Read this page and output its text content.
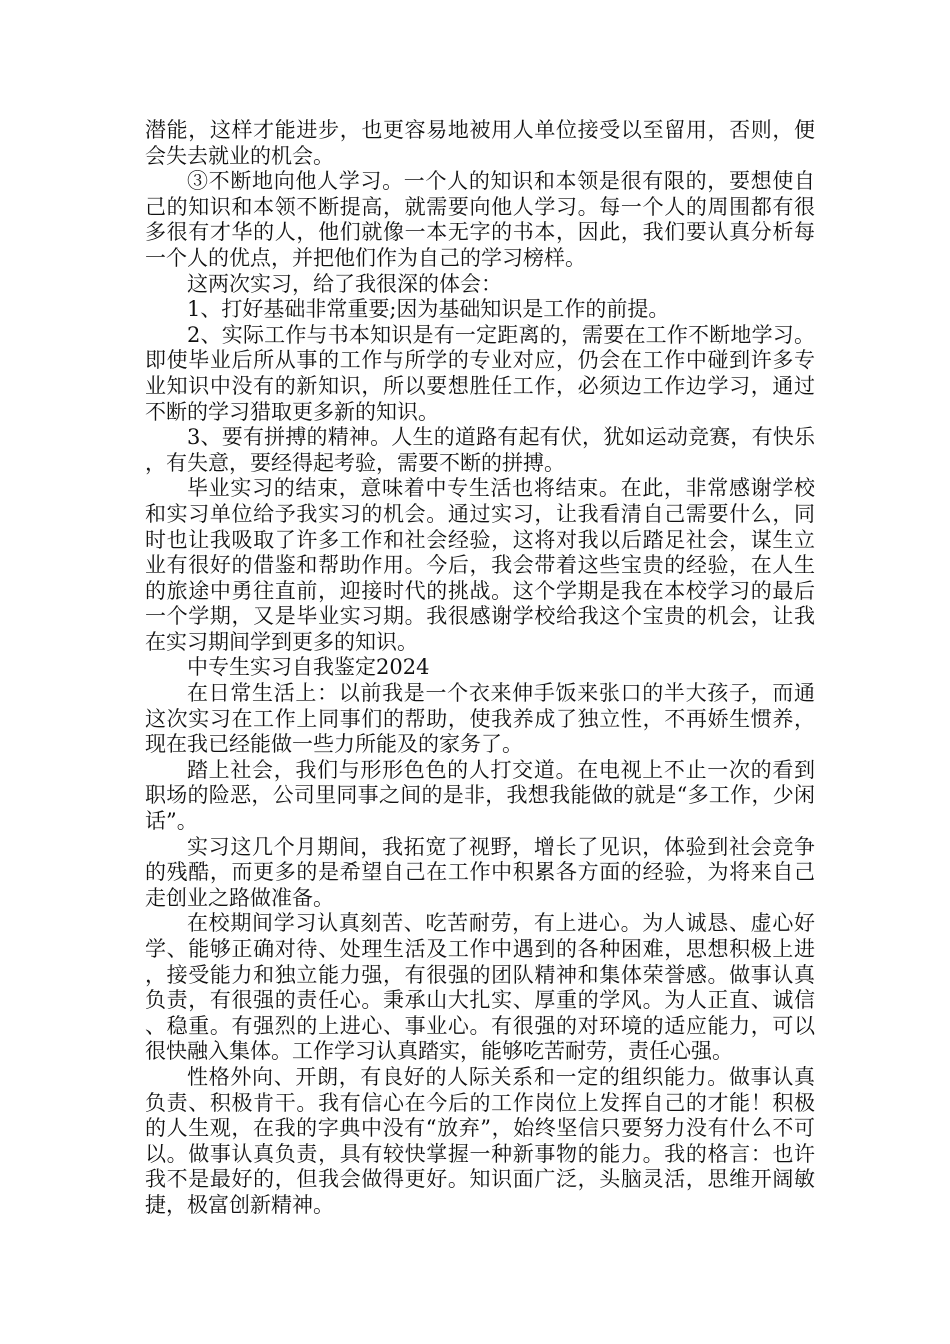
潜能，这样才能进步，也更容易地被用人单位接受以至留用，否则，便会失去就业的机会。

③不断地向他人学习。一个人的知识和本领是很有限的，要想使自己的知识和本领不断提高，就需要向他人学习。每一个人的周围都有很多很有才华的人，他们就像一本无字的书本，因此，我们要认真分析每一个人的优点，并把他们作为自己的学习榜样。

这两次实习，给了我很深的体会：

1、打好基础非常重要;因为基础知识是工作的前提。

2、实际工作与书本知识是有一定距离的，需要在工作不断地学习。即使毕业后所从事的工作与所学的专业对应，仍会在工作中碰到许多专业知识中没有的新知识，所以要想胜任工作，必须边工作边学习，通过不断的学习猎取更多新的知识。

3、要有拼搏的精神。人生的道路有起有伏，犹如运动竞赛，有快乐，有失意，要经得起考验，需要不断的拼搏。

毕业实习的结束，意味着中专生活也将结束。在此，非常感谢学校和实习单位给予我实习的机会。通过实习，让我看清自己需要什么，同时也让我吸取了许多工作和社会经验，这将对我以后踏足社会，谋生立业有很好的借鉴和帮助作用。今后，我会带着这些宝贵的经验，在人生的旅途中勇往直前，迎接时代的挑战。这个学期是我在本校学习的最后一个学期，又是毕业实习期。我很感谢学校给我这个宝贵的机会，让我在实习期间学到更多的知识。

中专生实习自我鉴定2024

在日常生活上：以前我是一个衣来伸手饭来张口的半大孩子，而通这次实习在工作上同事们的帮助，使我养成了独立性，不再娇生惯养，现在我已经能做一些力所能及的家务了。

踏上社会，我们与形形色色的人打交道。在电视上不止一次的看到职场的险恶，公司里同事之间的是非，我想我能做的就是“多工作，少闲话”。

实习这几个月期间，我拓宽了视野，增长了见识，体验到社会竞争的残酷，而更多的是希望自己在工作中积累各方面的经验，为将来自己走创业之路做准备。

在校期间学习认真刻苦、吃苦耐劳，有上进心。为人诚恳、虚心好学、能够正确对待、处理生活及工作中遇到的各种困难，思想积极上进，接受能力和独立能力强，有很强的团队精神和集体荣誉感。做事认真负责，有很强的责任心。秉承山大扎实、厚重的学风。为人正直、诚信、稳重。有强烈的上进心、事业心。有很强的对环境的适应能力，可以很快融入集体。工作学习认真踏实，能够吃苦耐劳，责任心强。

性格外向、开朗，有良好的人际关系和一定的组织能力。做事认真负责、积极肯干。我有信心在今后的工作岗位上发挥自己的才能！积极的人生观，在我的字典中没有“放弃”，始终坚信只要努力没有什么不可以。做事认真负责，具有较快掌握一种新事物的能力。我的格言：也许我不是最好的，但我会做得更好。知识面广泛，头脑灵活，思维开阔敏捷，极富创新精神。
